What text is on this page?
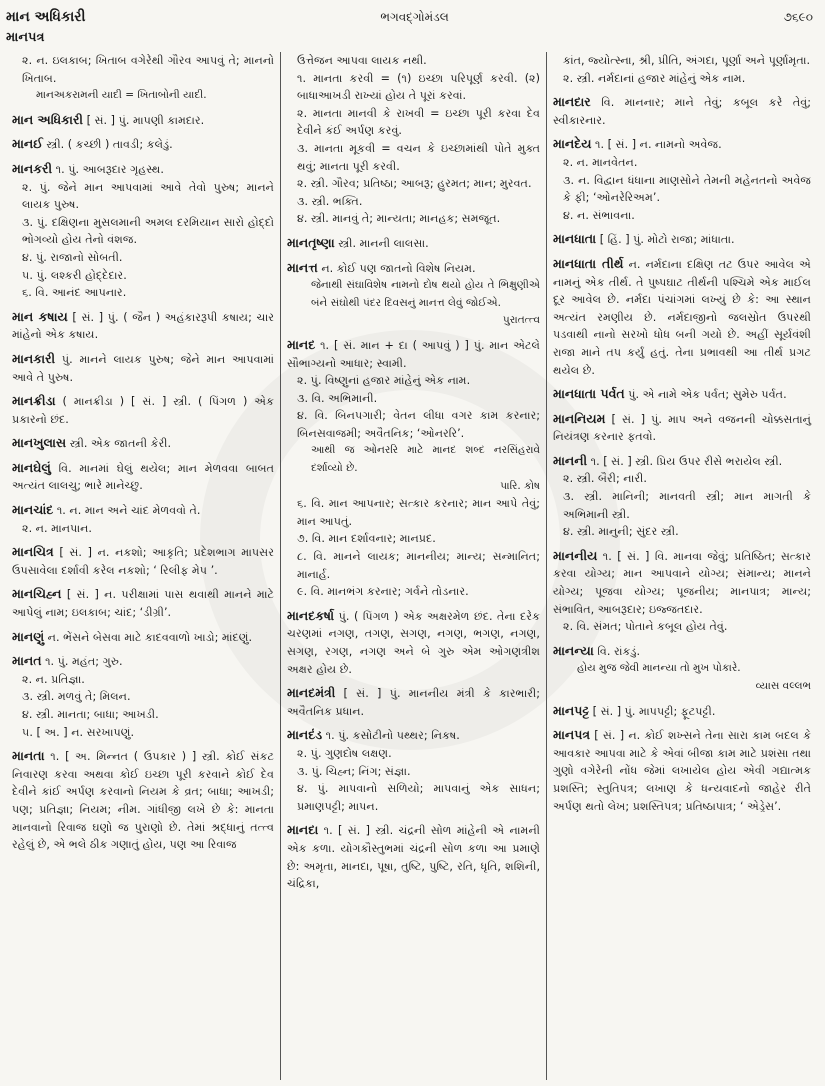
માન અધિકારી	ભગવદ્ગોમંડલ	૭૬૯૦
માનપત્ર
૨. ન. ઇલકાબ; ખિતાબ વગેરેથી ગૌરવ આપવું તે; માનનો ખિતાબ.
માનઅકરામની યાદી = ખિતાબોની યાદી.
માન અધિકારી [ સં. ] પું. માપણી કામદાર.
માનઈ સ્ત્રી. ( કચ્છી ) તાવડી; કલેડું.
માનકરી ૧. પું. આબરૂદાર ગૃહસ્થ.
૨. પું. જેને માન આપવામાં આવે તેવો પુરુષ; માનને લાયક પુરુષ.
૩. પું. દક્ષિણના મુસલમાની અમલ દરમિયાન સારો હોદ્દો ભોગવ્યો હોય તેનો વંશજ.
૪. પું. રાજાનો સોબતી.
૫. પું. લશ્કરી હોદ્દેદાર.
૬. વિ. આનંદ આપનાર.
માન કષાય [ સં. ] પું. ( જૈન ) અહંકારરૂપી કષાય; ચાર માંહેનો એક કષાય.
માનકારી પું. માનને લાયક પુરુષ; જેને માન આપવામાં આવે તે પુરુષ.
માનક્રીડા ( માનક્રીડા ) [ સં. ] સ્ત્રી. ( પિંગળ ) એક પ્રકારનો છંદ.
માનખુલાસ સ્ત્રી. એક જાતની કેરી.
માનઘેલું વિ. માનમાં ઘેલું થયેલ; માન મેળવવા બાબત અત્યંત લાલચુ; ભારે માનેચ્છુ.
માનચાંદ ૧. ન. માન અને ચાંદ મેળવવો તે.
૨. ન. માનપાન.
માનચિત્ર [ સં. ] ન. નકશો; આકૃતિ; પ્રદેશભાગ માપસર ઉપસાવેલા દર્શાવી કરેલ નકશો; ‘ રિલીફ મેપ ’.
માનચિહ્ન [ સં. ] ન. પરીક્ષામાં પાસ થવાથી માનને માટે આપેલું નામ; ઇલકાબ; ચાંદ; ‘ડીગ્રી’.
માનણું ન. ભેંસને બેસવા માટે કાદવવાળો ખાડો; માંદણું.
માનત ૧. પું. મહંત; ગુરુ.
૨. ન. પ્રતિજ્ઞા.
૩. સ્ત્રી. મળવું તે; મિલન.
૪. સ્ત્રી. માનતા; બાધા; આખડી.
૫. [ અ. ] ન. સરખાપણું.
માનતા ૧. [ અ. મિન્નત ( ઉપકાર ) ] સ્ત્રી. કોઈ સંકટ નિવારણ કરવા અથવા કોઈ ઇચ્છા પૂરી કરવાને કોઈ દેવ દેવીને કાંઈ અર્પણ કરવાનો નિયમ કે વ્રત; બાધા; આખડી; પણ; પ્રતિજ્ઞા; નિયમ; નીમ. ગાંધીજી લખે છે કે: માનતા માનવાનો રિવાજ ઘણો જ પુરાણો છે. તેમાં શ્રદ્ધાનું તત્ત્વ રહેલું છે, એ ભલે ઠીક ગણાતું હોય, પણ આ રિવાજ
ઉત્તેજન આપવા લાયક નથી.
૧. માનતા કરવી = (૧) ઇચ્છા પરિપૂર્ણ કરવી. (૨) બાધાઆખડી રાખ્યાં હોય તે પૂરાં કરવાં.
૨. માનતા માનવી કે રાખવી = ઇચ્છા પૂરી કરવા દેવ દેવીને કંઈ અર્પણ કરવું.
૩. માનતા મૂકવી = વચન કે ઇચ્છામાંથી પોતે મુક્ત થવું; માનતા પૂરી કરવી.
૨. સ્ત્રી. ગૌરવ; પ્રતિષ્ઠા; આબરૂ; હુરમત; માન; મુરવત.
૩. સ્ત્રી. ભક્તિ.
૪. સ્ત્રી. માનવું તે; માન્યતા; માનહક; સમજૂત.
માનતૃષ્ણા સ્ત્રી. માનની લાલસા.
માનત્ત ન. કોઈ પણ જાતનો વિશેષ નિયમ.
જેનાથી સંઘાવિશેષ નામનો દોષ થયો હોય તે ભિક્ષુણીએ બંને સંઘોથી પંદર દિવસનું માનત્ત લેવું જોઈએ.
પુરાતત્ત્વ
માનદ ૧. [ સં. માન + દા ( આપવું ) ] પું. માન એટલે સૌભાગ્યનો આધાર; સ્વામી.
૨. પું. વિષ્ણુનાં હજાર માંહેનું એક નામ.
૩. વિ. અભિમાની.
૪. વિ. બિનપગારી; વેતન લીધા વગર કામ કરનાર; બિનસવાજમી; અવૈતનિક; ‘ઓનરરિ’.
આથી જ ઓનરરિ માટે માનદ શબ્દ નરસિંહરાવે દર્શાવ્યો છે.
પારિ. કોષ
૬. વિ. માન આપનાર; સત્કાર કરનાર; માન આપે તેવું; માન આપતું.
૭. વિ. માન દર્શાવનાર; માનપ્રદ.
૮. વિ. માનને લાયક; માનનીય; માન્ય; સન્માનિત; માનાર્હ.
૯. વિ. માનભંગ કરનાર; ગર્વને તોડનાર.
માનદકર્ષા પું. ( પિંગળ ) એક અક્ષરમેળ છંદ. તેના દરેક ચરણમાં નગણ, તગણ, સગણ, નગણ, ભગણ, નગણ, સગણ, રગણ, નગણ અને બે ગુરુ એમ ઓગણત્રીશ અક્ષર હોય છે.
માનદમંત્રી [ સં. ] પું. માનનીય મંત્રી કે કારભારી; અવૈતનિક પ્રધાન.
માનદંડ ૧. પું. કસોટીનો પથ્થર; નિકષ.
૨. પું. ગુણદોષ લક્ષણ.
૩. પું. ચિહ્ન; નિંગ; સંજ્ઞા.
૪. પું. માપવાનો સળિયો; માપવાનું એક સાધન; પ્રમાણપટ્ટી; માપન.
માનદા ૧. [ સં. ] સ્ત્રી. ચંદ્રની સોળ માંહેની એ નામની એક કળા. યોગકૌસ્તુભમાં ચંદ્રની સોળ કળા આ પ્રમાણે છે: અમૃતા, માનદા, પૂષા, તુષ્ટિ, પુષ્ટિ, રતિ, ધૃતિ, શશિની, ચંદ્રિકા,
કાંત, જ્યોત્સ્ના, શ્રી, પ્રીતિ, અંગદા, પૂર્ણા અને પૂર્ણામૃતા.
૨. સ્ત્રી. નર્મદાનાં હજાર માંહેનું એક નામ.
માનદાર વિ. માનનાર; માને તેવું; કબૂલ કરે તેવું; સ્વીકારનાર.
માનદેય ૧. [ સં. ] ન. નામનો અવેજ.
૨. ન. માનવેતન.
૩. ન. વિદ્વાન ધંધાના માણસોને તેમની મહેનતનો અવેજ કે ફી; ‘ઓનરેરિઅમ’.
૪. ન. સંભાવના.
માનધાતા [ હિં. ] પું. મોટો રાજા; માંધાતા.
માનધાતા તીર્થ ન. નર્મદાના દક્ષિણ તટ ઉપર આવેલ એ નામનું એક તીર્થ. તે પુષ્પઘાટ તીર્થની પશ્ચિમે એક માઈલ દૂર આવેલ છે. નર્મદા પંચાંગમાં લખ્યું છે કે: આ સ્થાન અત્યંત રમણીય છે. નર્મદાજીનો જલસ્રોત ઉપરથી પડવાથી નાનો સરખો ધોધ બની ગયો છે. અહીં સૂર્યવંશી રાજા માને તપ કર્યું હતું. તેના પ્રભાવથી આ તીર્થ પ્રગટ થયેલ છે.
માનધાતા પર્વત પું. એ નામે એક પર્વત; સુમેરુ પર્વત.
માનનિયમ [ સં. ] પું. માપ અને વજનની ચોક્કસતાનું નિયંત્રણ કરનાર ફતવો.
માનની ૧. [ સં. ] સ્ત્રી. પ્રિય ઉપર રીસે ભરાયેલ સ્ત્રી.
૨. સ્ત્રી. બૈરી; નારી.
૩. સ્ત્રી. માનિની; માનવતી સ્ત્રી; માન માગતી કે અભિમાની સ્ત્રી.
૪. સ્ત્રી. માનુની; સુંદર સ્ત્રી.
માનનીય ૧. [ સં. ] વિ. માનવા જેવું; પ્રતિષ્ઠિત; સત્કાર કરવા યોગ્ય; માન આપવાને યોગ્ય; સંમાન્ય; માનને યોગ્ય; પૂજવા યોગ્ય; પૂજનીય; માનપાત્ર; માન્ય; સંભાવિત, આબરૂદાર; ઇજ્જતદાર.
૨. વિ. સંમત; પોતાને કબૂલ હોય તેવું.
માનન્યા વિ. રાંકડું.
હોય મુજ જેવી માનન્યા તો મુખ પોકારે.
વ્યાસ વલ્લભ
માનપટ્ટ [ સં. ] પું. માપપટ્ટી; ફૂટપટ્ટી.
માનપત્ર [ સં. ] ન. કોઈ શખ્સને તેના સારા કામ બદલ કે આવકાર આપવા માટે કે એવાં બીજા કામ માટે પ્રશંસા તથા ગુણો વગેરેની નોંધ જેમાં લખાયેલ હોય એવી ગદ્યાત્મક પ્રશસ્તિ; સ્તુતિપત્ર; લખાણ કે ધન્યવાદનો જાહેર રીતે અર્પણ થતો લેખ; પ્રશસ્તિપત્ર; પ્રતિષ્ઠાપાત્ર; ‘ એડ્રેસ’.
